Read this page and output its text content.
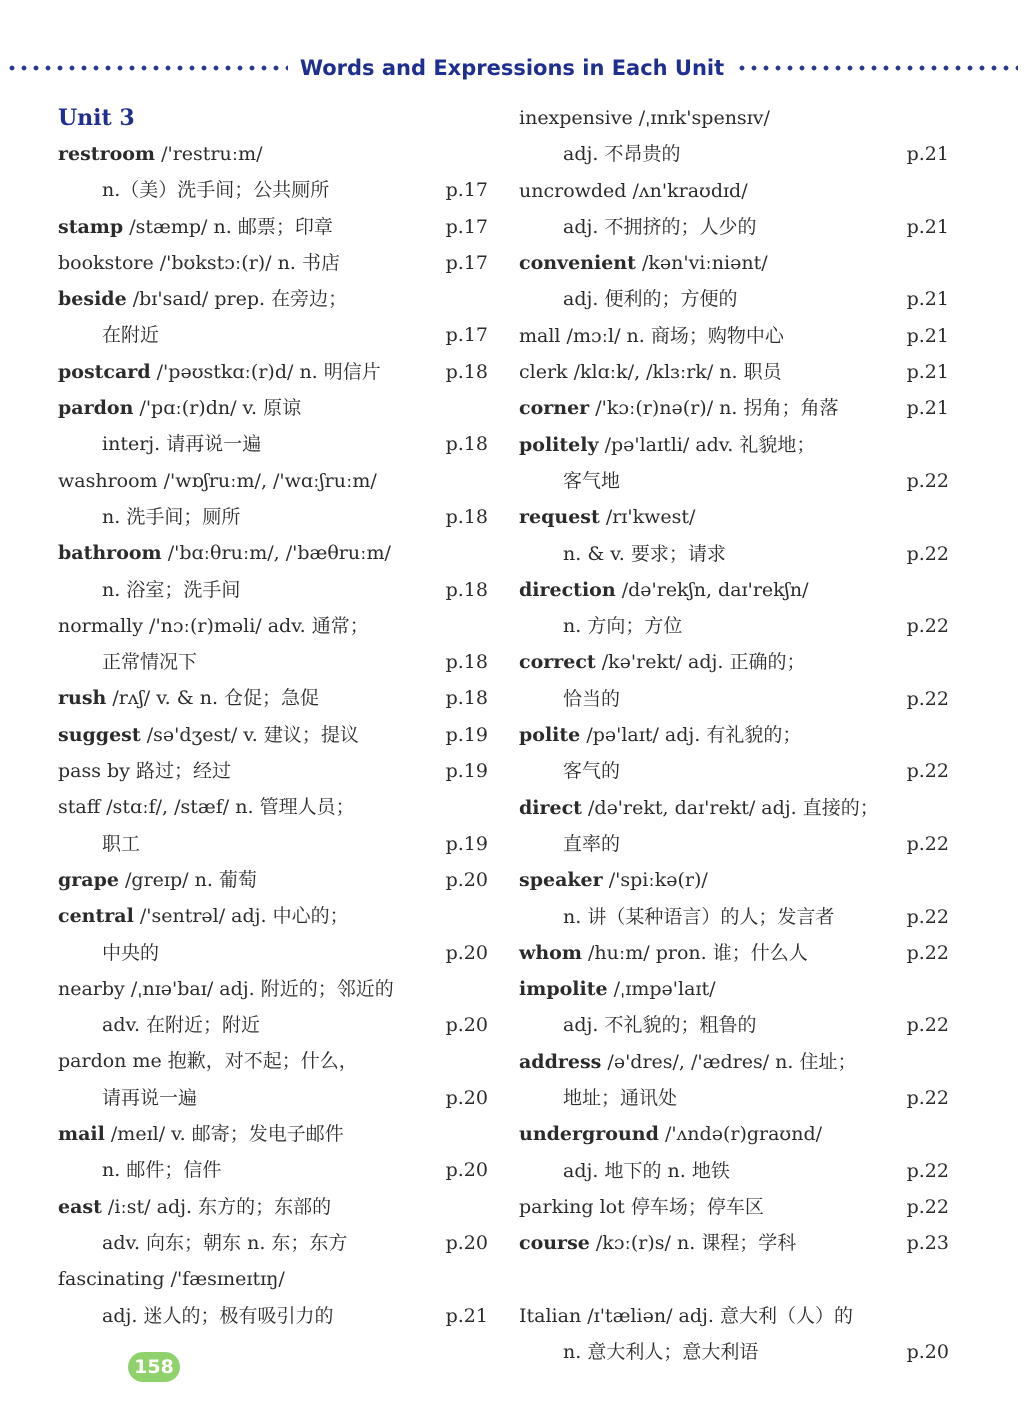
Words and Expressions in Each Unit
Unit 3
restroom /'restruːm/
n.（美）洗手间；公共厕所	p.17
stamp /stæmp/ n. 邮票；印章	p.17
bookstore /'bʊkstɔː(r)/ n. 书店	p.17
beside /bɪ'saɪd/ prep. 在旁边；
在附近	p.17
postcard /'pəʊstkɑː(r)d/ n. 明信片	p.18
pardon /'pɑː(r)dn/ v. 原谅
interj. 请再说一遍	p.18
washroom /'wɒʃruːm/, /'wɑːʃruːm/
n. 洗手间；厕所	p.18
bathroom /'bɑːθruːm/, /'bæθruːm/
n. 浴室；洗手间	p.18
normally /'nɔː(r)məli/ adv. 通常；
正常情况下	p.18
rush /rʌʃ/ v. & n. 仓促；急促	p.18
suggest /sə'dʒest/ v. 建议；提议	p.19
pass by 路过；经过	p.19
staff /stɑːf/, /stæf/ n. 管理人员；
职工	p.19
grape /greɪp/ n. 葡萄	p.20
central /'sentrəl/ adj. 中心的；
中央的	p.20
nearby /ˌnɪə'baɪ/ adj. 附近的；邻近的
adv. 在附近；附近	p.20
pardon me 抱歉，对不起；什么，
请再说一遍	p.20
mail /meɪl/ v. 邮寄；发电子邮件
n. 邮件；信件	p.20
east /iːst/ adj. 东方的；东部的
adv. 向东；朝东 n. 东；东方	p.20
fascinating /'fæsɪneɪtɪŋ/
adj. 迷人的；极有吸引力的	p.21
inexpensive /ˌɪnɪk'spensɪv/
adj. 不昂贵的	p.21
uncrowded /ʌn'kraʊdɪd/
adj. 不拥挤的；人少的	p.21
convenient /kən'viːniənt/
adj. 便利的；方便的	p.21
mall /mɔːl/ n. 商场；购物中心	p.21
clerk /klɑːk/, /klɜːrk/ n. 职员	p.21
corner /'kɔː(r)nə(r)/ n. 拐角；角落	p.21
politely /pə'laɪtli/ adv. 礼貌地；
客气地	p.22
request /rɪ'kwest/
n. & v. 要求；请求	p.22
direction /də'rekʃn, daɪ'rekʃn/
n. 方向；方位	p.22
correct /kə'rekt/ adj. 正确的；
恰当的	p.22
polite /pə'laɪt/ adj. 有礼貌的；
客气的	p.22
direct /də'rekt, daɪ'rekt/ adj. 直接的；
直率的	p.22
speaker /'spiːkə(r)/
n. 讲（某种语言）的人；发言者	p.22
whom /huːm/ pron. 谁；什么人	p.22
impolite /ˌɪmpə'laɪt/
adj. 不礼貌的；粗鲁的	p.22
address /ə'dres/, /'ædres/ n. 住址；
地址；通讯处	p.22
underground /'ʌndə(r)graʊnd/
adj. 地下的 n. 地铁	p.22
parking lot 停车场；停车区	p.22
course /kɔː(r)s/ n. 课程；学科	p.23
Italian /ɪ'tæliən/ adj. 意大利（人）的
n. 意大利人；意大利语	p.20
158
